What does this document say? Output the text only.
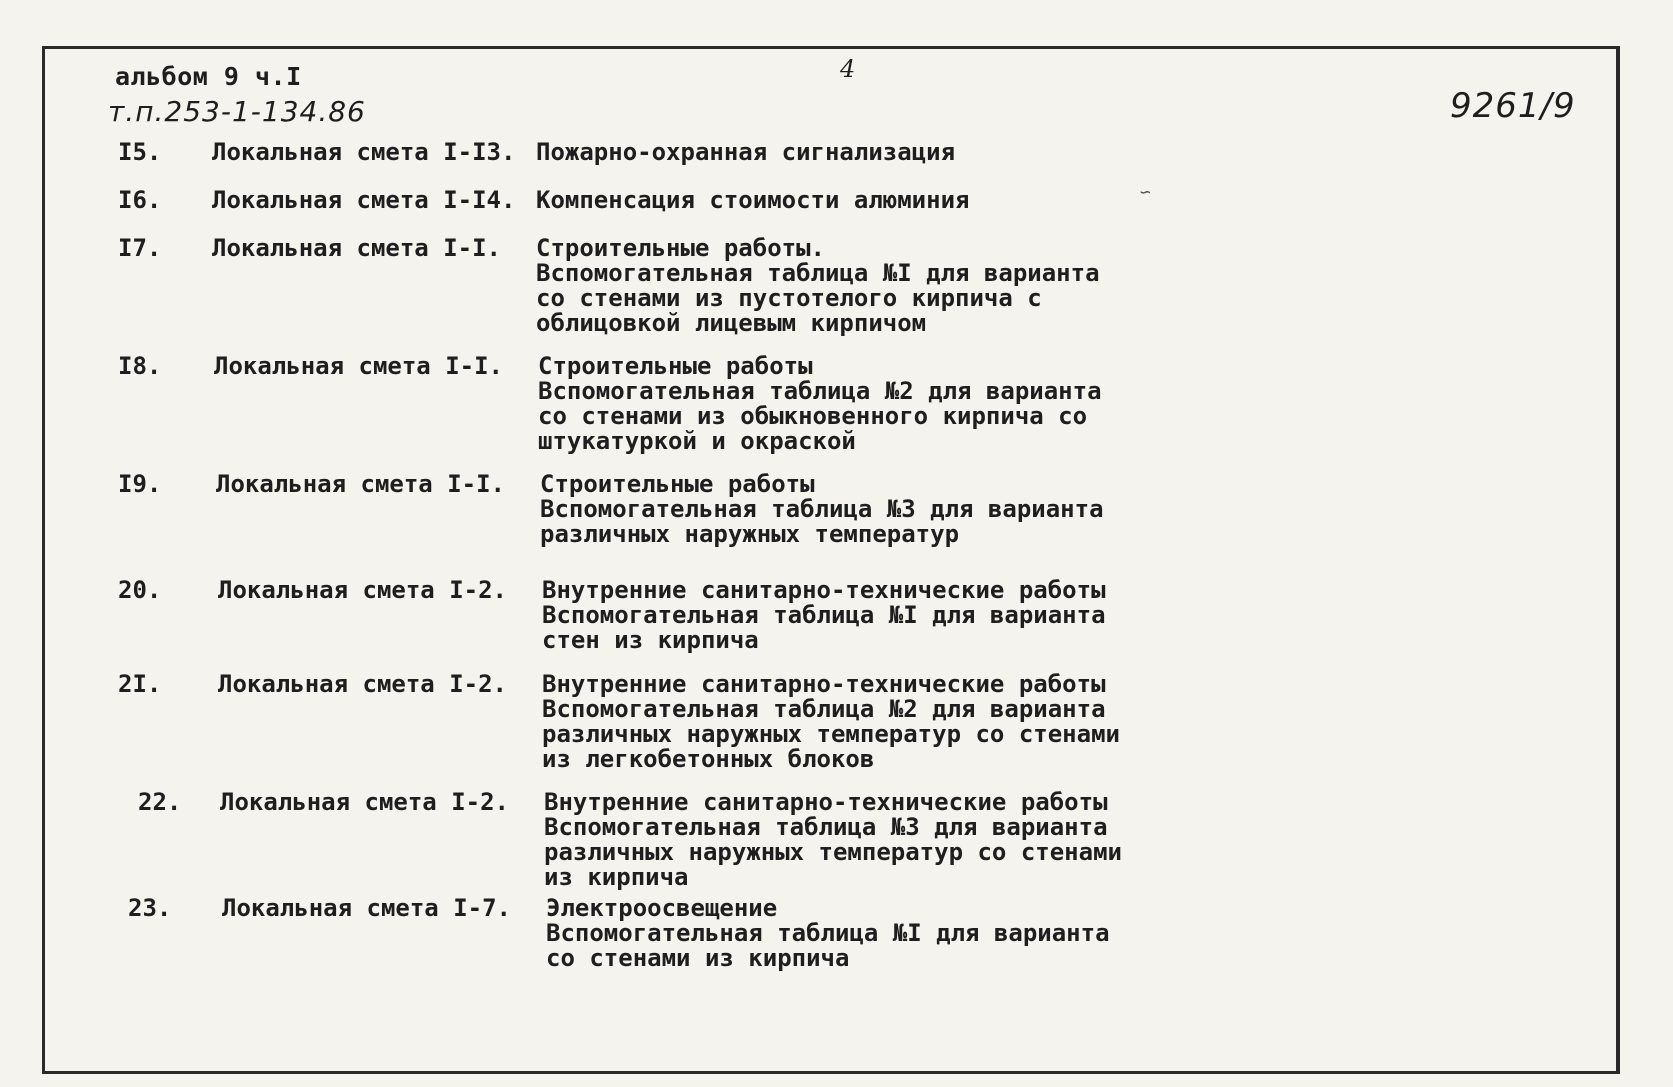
альбом 9 ч.I
т.п.253-1-134.86
4
9261/9
I5. Локальная смета I-I3. Пожарно-охранная сигнализация
I6. Локальная смета I-I4. Компенсация стоимости алюминия
I7. Локальная смета I-I. Строительные работы.
Вспомогательная таблица №I для варианта
со стенами из пустотелого кирпича с
облицовкой лицевым кирпичом
I8. Локальная смета I-I. Строительные работы
Вспомогательная таблица №2 для варианта
со стенами из обыкновенного кирпича со
штукатуркой и окраской
I9. Локальная смета I-I. Строительные работы
Вспомогательная таблица №3 для варианта
различных наружных температур
20. Локальная смета I-2. Внутренние санитарно-технические работы
Вспомогательная таблица №I для варианта
стен из кирпича
2I. Локальная смета I-2. Внутренние санитарно-технические работы
Вспомогательная таблица №2 для варианта
различных наружных температур со стенами
из легкобетонных блоков
22. Локальная смета I-2. Внутренние санитарно-технические работы
Вспомогательная таблица №3 для варианта
различных наружных температур со стенами
из кирпича
23. Локальная смета I-7. Электроосвещение
Вспомогательная таблица №I для варианта
со стенами из кирпича
∽
